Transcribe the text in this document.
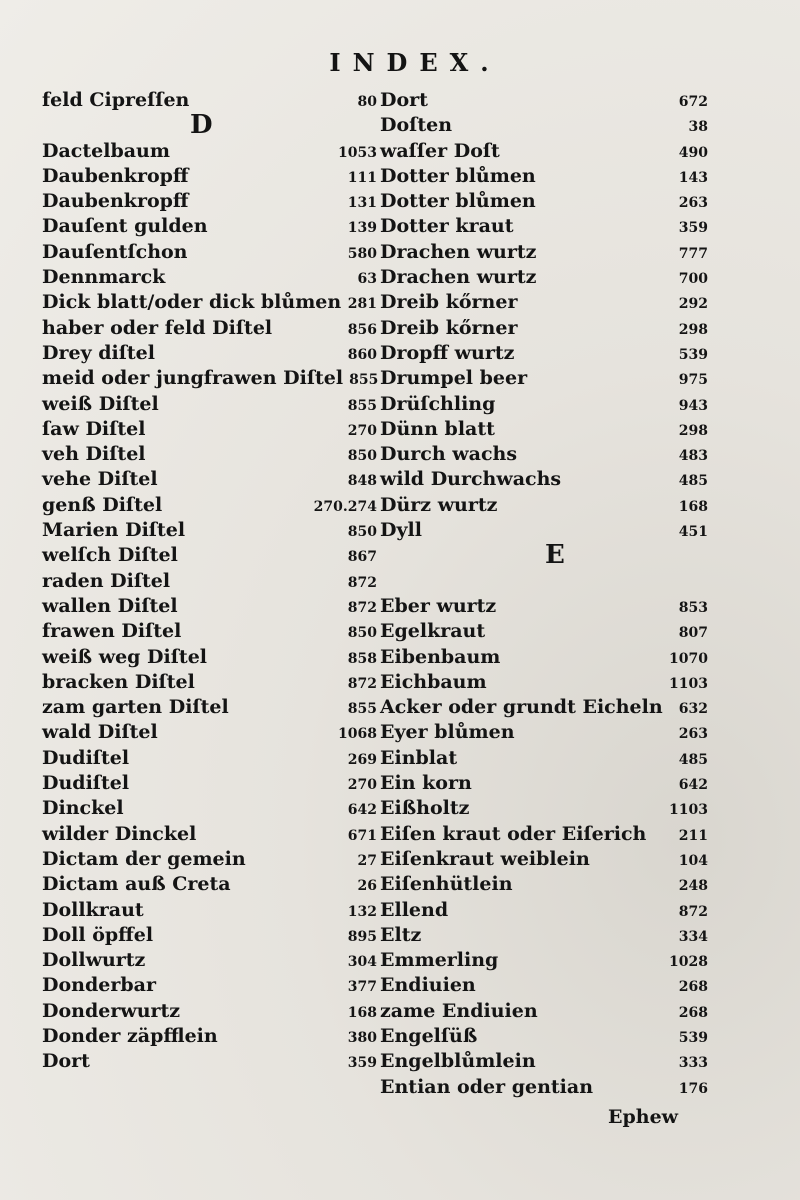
INDEX.
feld Cipreſſen	80
D
Dactelbaum	1053
Daubenkropff	111
Daubenkropff	131
Dauſent gulden	139
Dauſentſchon	580
Dennmarck	63
Dick blatt/oder dick blůmen 281
haber oder feld Diſtel	856
Drey diſtel	860
meid oder jungfrawen Diſtel 855
weiß Diſtel	855
ſaw Diſtel	270
veh Diſtel	850
vehe Diſtel	848
genß Diſtel	270.274
Marien Diſtel	850
welſch Diſtel	867
raden Diſtel	872
wallen Diſtel	872
frawen Diſtel	850
weiß weg Diſtel	858
bracken Diſtel	872
zam garten Diſtel	855
wald Diſtel	1068
Dudiſtel	269
Dudiſtel	270
Dinckel	642
wilder Dinckel	671
Dictam der gemein	27
Dictam auß Creta	26
Dollkraut	132
Doll öpffel	895
Dollwurtz	304
Donderbar	377
Donderwurtz	168
Donder zäpfflein	380
Dort	359
Dort	672
Doſten	38
waſſer Doſt	490
Dotter blůmen	143
Dotter blůmen	263
Dotter kraut	359
Drachen wurtz	777
Drachen wurtz	700
Dreib kőrner	292
Dreib kőrner	298
Dropff wurtz	539
Drumpel beer	975
Drüſchling	943
Dünn blatt	298
Durch wachs	483
wild Durchwachs	485
Dürz wurtz	168
Dyll	451
E
Eber wurtz	853
Egelkraut	807
Eibenbaum	1070
Eichbaum	1103
Acker oder grundt Eicheln	632
Eyer blůmen	263
Einblat	485
Ein korn	642
Eißholtz	1103
Eiſen kraut oder Eiſerich	211
Eiſenkraut weiblein	104
Eiſenhütlein	248
Ellend	872
Eltz	334
Emmerling	1028
Endiuien	268
zame Endiuien	268
Engelſüß	539
Engelblůmlein	333
Entian oder gentian	176
Ephew
